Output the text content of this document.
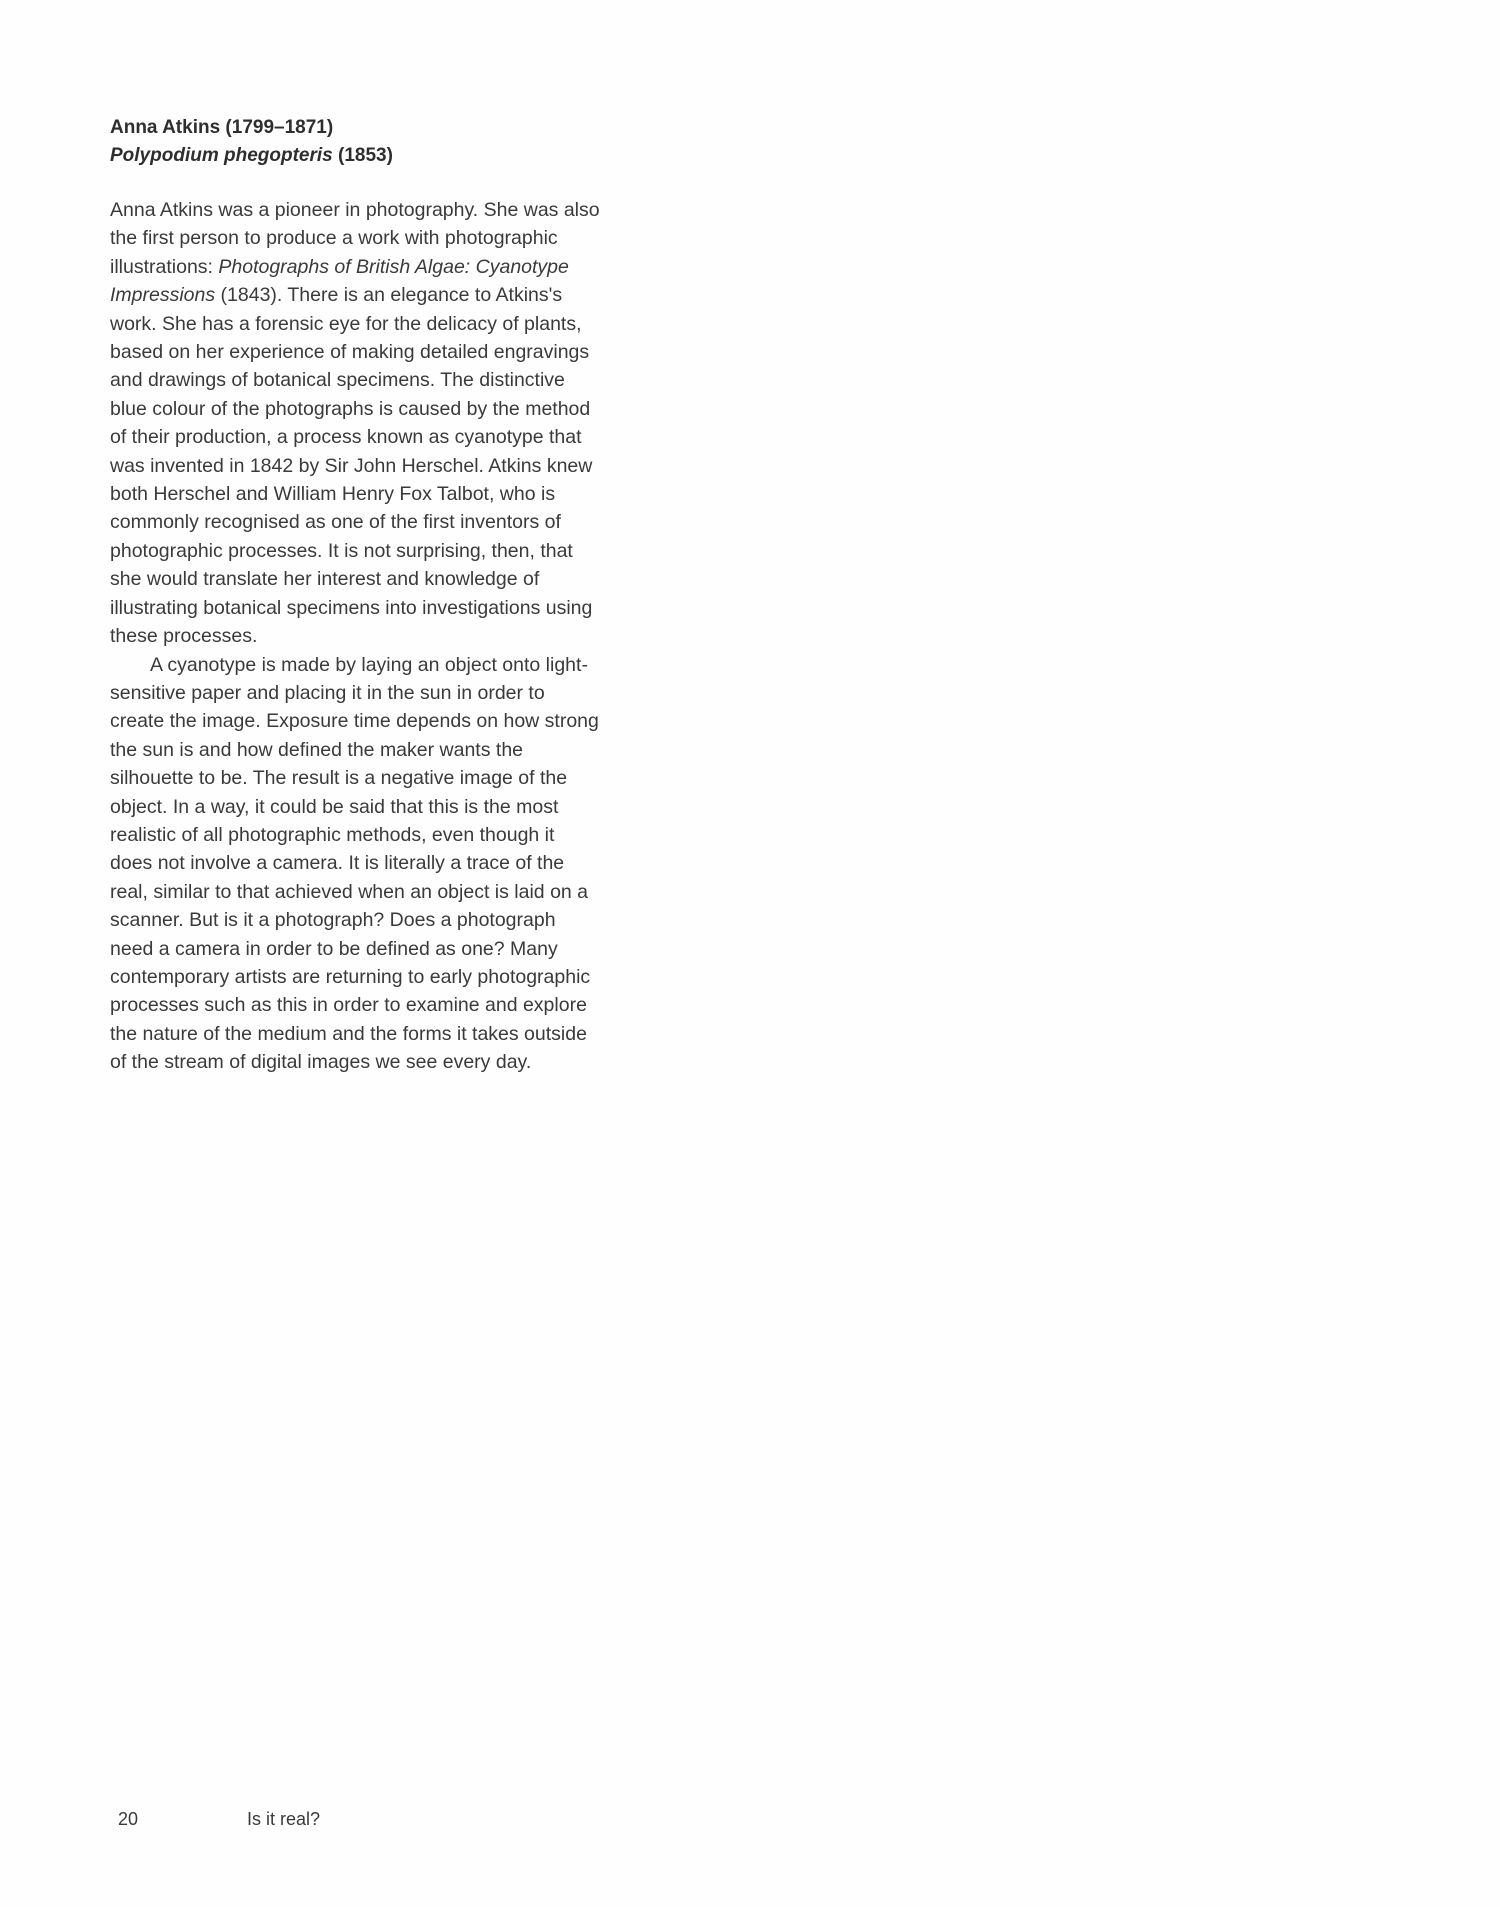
Anna Atkins (1799–1871)

Polypodium phegopteris (1853)

Anna Atkins was a pioneer in photography. She was also the first person to produce a work with photographic illustrations: Photographs of British Algae: Cyanotype Impressions (1843). There is an elegance to Atkins's work. She has a forensic eye for the delicacy of plants, based on her experience of making detailed engravings and drawings of botanical specimens. The distinctive blue colour of the photographs is caused by the method of their production, a process known as cyanotype that was invented in 1842 by Sir John Herschel. Atkins knew both Herschel and William Henry Fox Talbot, who is commonly recognised as one of the first inventors of photographic processes. It is not surprising, then, that she would translate her interest and knowledge of illustrating botanical specimens into investigations using these processes.

A cyanotype is made by laying an object onto light-sensitive paper and placing it in the sun in order to create the image. Exposure time depends on how strong the sun is and how defined the maker wants the silhouette to be. The result is a negative image of the object. In a way, it could be said that this is the most realistic of all photographic methods, even though it does not involve a camera. It is literally a trace of the real, similar to that achieved when an object is laid on a scanner. But is it a photograph? Does a photograph need a camera in order to be defined as one? Many contemporary artists are returning to early photographic processes such as this in order to examine and explore the nature of the medium and the forms it takes outside of the stream of digital images we see every day.

20	Is it real?
